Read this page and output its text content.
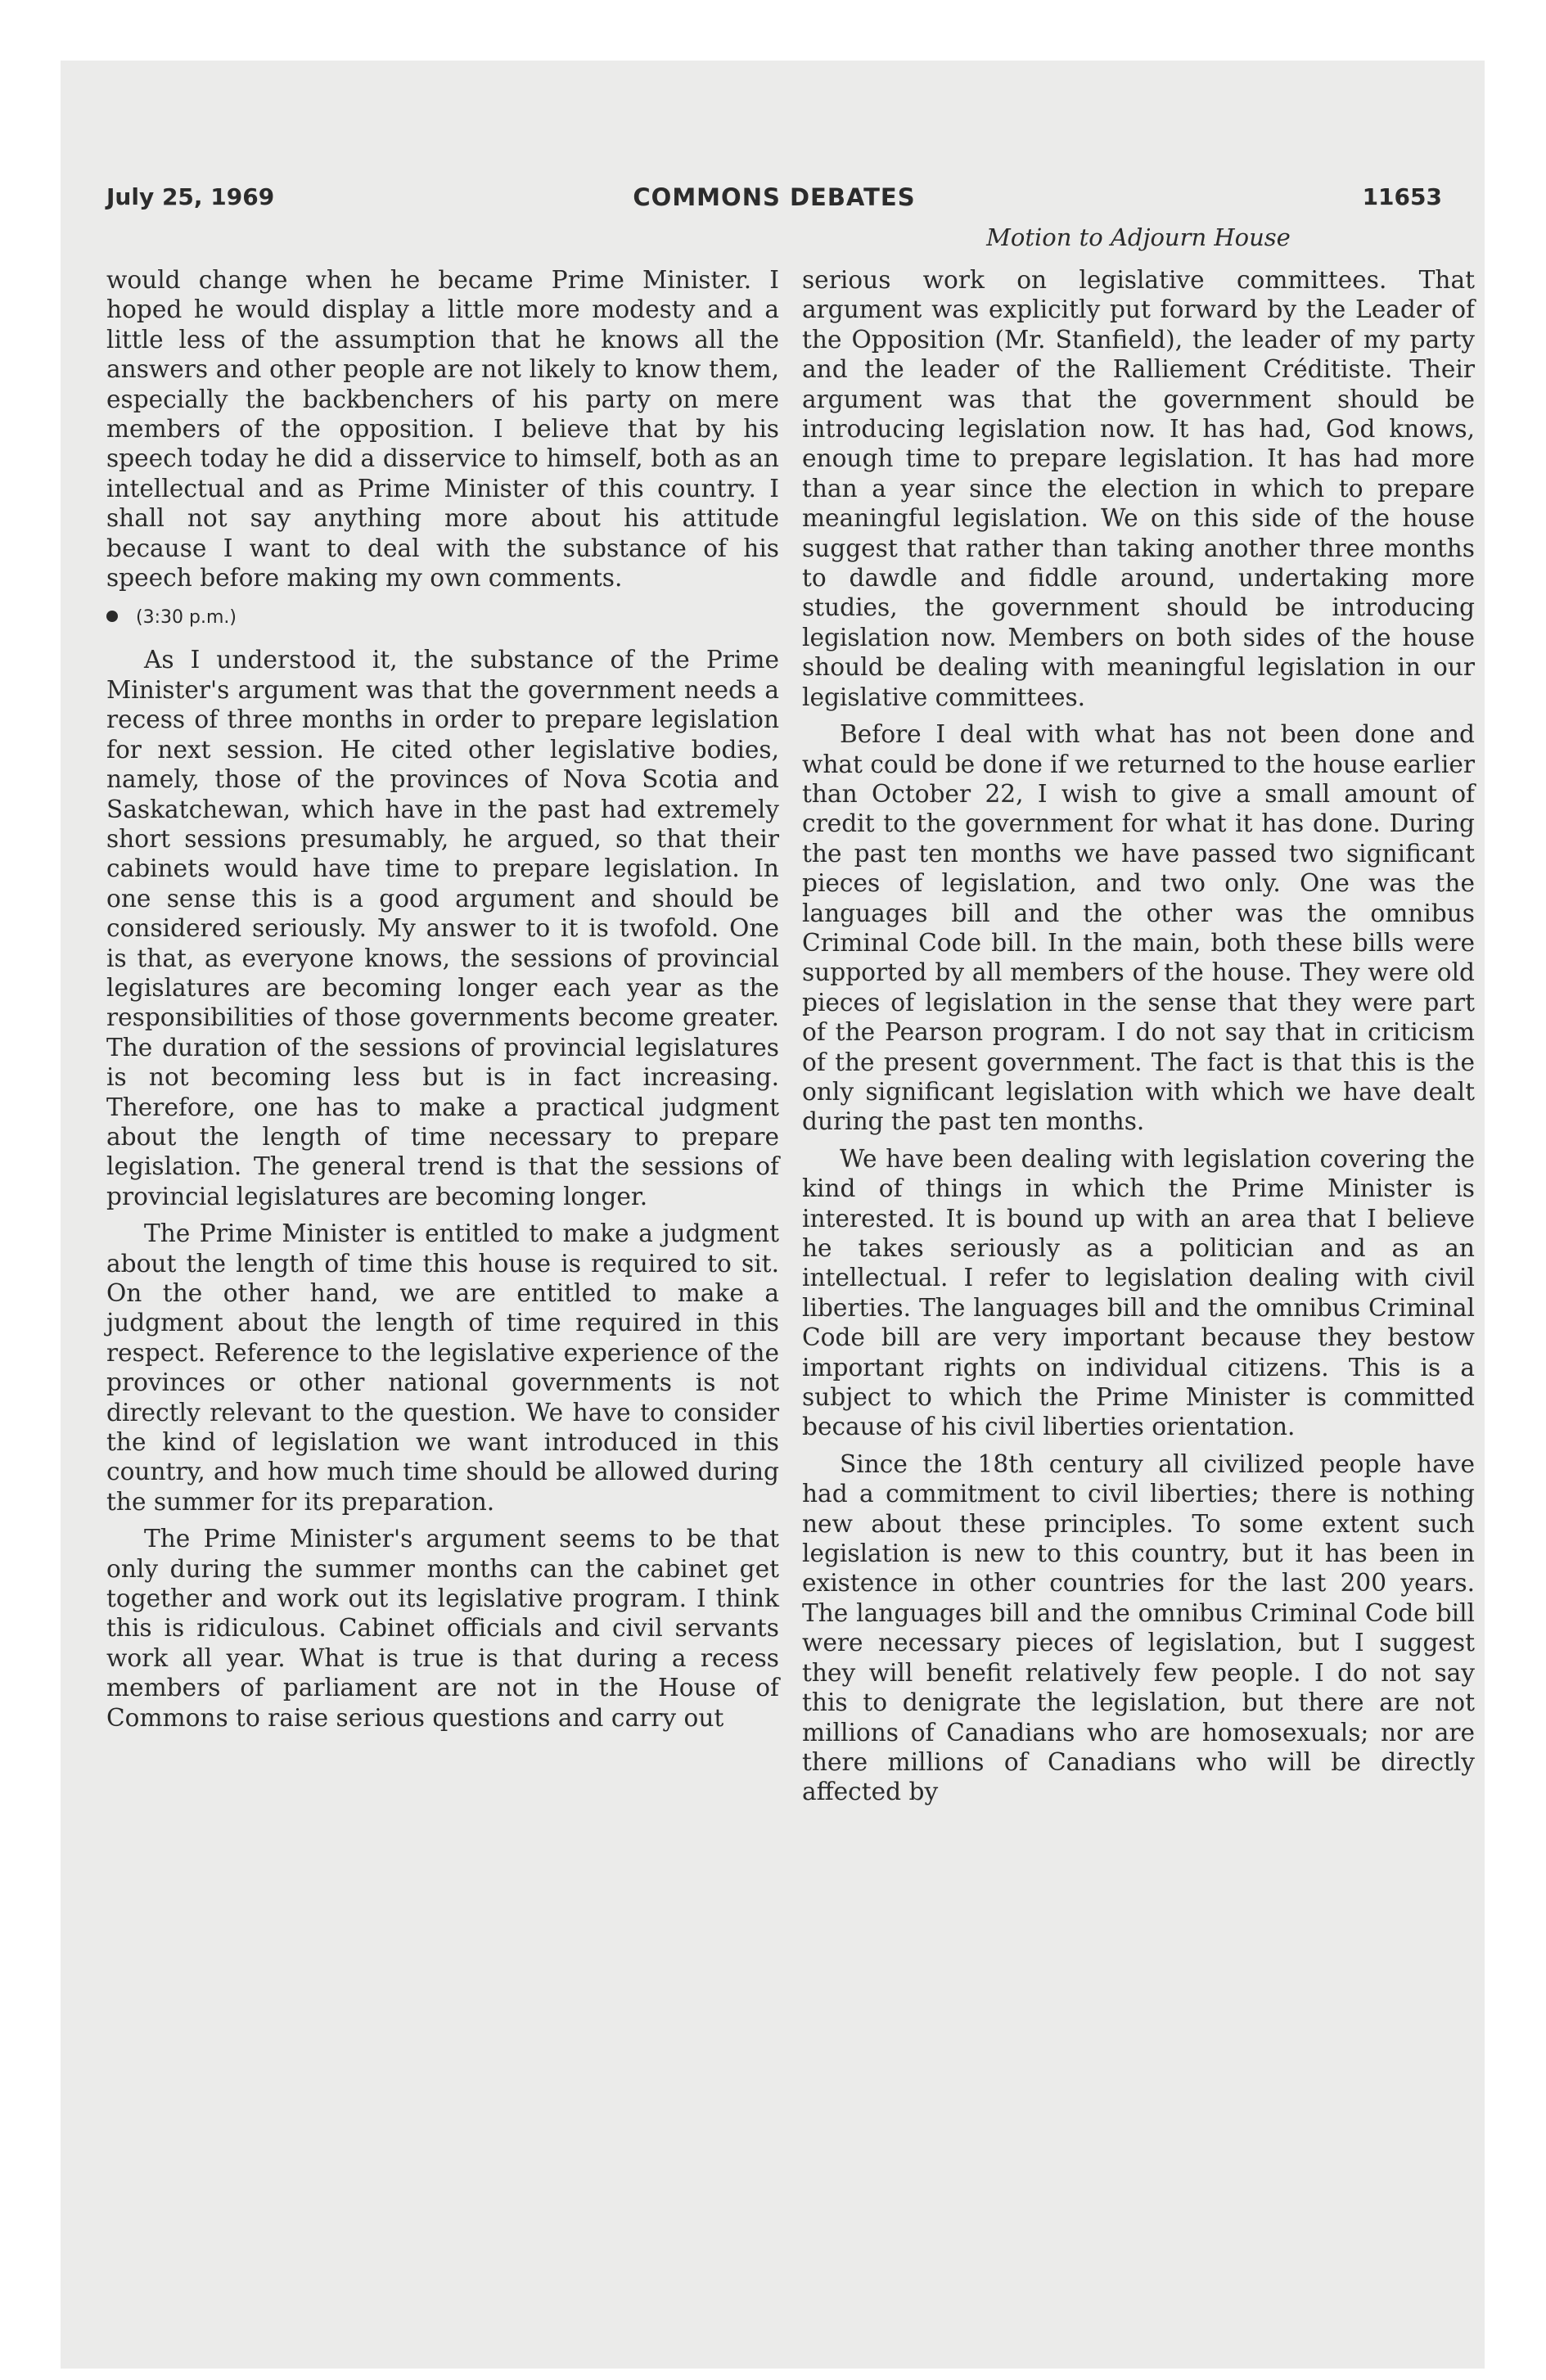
July 25, 1969	COMMONS DEBATES	11653
Motion to Adjourn House

would change when he became Prime Minister. I hoped he would display a little more modesty and a little less of the assumption that he knows all the answers and other people are not likely to know them, especially the backbenchers of his party on mere members of the opposition. I believe that by his speech today he did a disservice to himself, both as an intellectual and as Prime Minister of this country. I shall not say anything more about his attitude because I want to deal with the substance of his speech before making my own comments.

(3:30 p.m.)

As I understood it, the substance of the Prime Minister's argument was that the government needs a recess of three months in order to prepare legislation for next session. He cited other legislative bodies, namely, those of the provinces of Nova Scotia and Saskatchewan, which have in the past had extremely short sessions presumably, he argued, so that their cabinets would have time to prepare legislation. In one sense this is a good argument and should be considered seriously. My answer to it is twofold. One is that, as everyone knows, the sessions of provincial legislatures are becoming longer each year as the responsibilities of those governments become greater. The duration of the sessions of provincial legislatures is not becoming less but is in fact increasing. Therefore, one has to make a practical judgment about the length of time necessary to prepare legislation. The general trend is that the sessions of provincial legislatures are becoming longer.

The Prime Minister is entitled to make a judgment about the length of time this house is required to sit. On the other hand, we are entitled to make a judgment about the length of time required in this respect. Reference to the legislative experience of the provinces or other national governments is not directly relevant to the question. We have to consider the kind of legislation we want introduced in this country, and how much time should be allowed during the summer for its preparation.

The Prime Minister's argument seems to be that only during the summer months can the cabinet get together and work out its legislative program. I think this is ridiculous. Cabinet officials and civil servants work all year. What is true is that during a recess members of parliament are not in the House of Commons to raise serious questions and carry out

serious work on legislative committees. That argument was explicitly put forward by the Leader of the Opposition (Mr. Stanfield), the leader of my party and the leader of the Ralliement Créditiste. Their argument was that the government should be introducing legislation now. It has had, God knows, enough time to prepare legislation. It has had more than a year since the election in which to prepare meaningful legislation. We on this side of the house suggest that rather than taking another three months to dawdle and fiddle around, undertaking more studies, the government should be introducing legislation now. Members on both sides of the house should be dealing with meaningful legislation in our legislative committees.

Before I deal with what has not been done and what could be done if we returned to the house earlier than October 22, I wish to give a small amount of credit to the government for what it has done. During the past ten months we have passed two significant pieces of legislation, and two only. One was the languages bill and the other was the omnibus Criminal Code bill. In the main, both these bills were supported by all members of the house. They were old pieces of legislation in the sense that they were part of the Pearson program. I do not say that in criticism of the present government. The fact is that this is the only significant legislation with which we have dealt during the past ten months.

We have been dealing with legislation covering the kind of things in which the Prime Minister is interested. It is bound up with an area that I believe he takes seriously as a politician and as an intellectual. I refer to legislation dealing with civil liberties. The languages bill and the omnibus Criminal Code bill are very important because they bestow important rights on individual citizens. This is a subject to which the Prime Minister is committed because of his civil liberties orientation.

Since the 18th century all civilized people have had a commitment to civil liberties; there is nothing new about these principles. To some extent such legislation is new to this country, but it has been in existence in other countries for the last 200 years. The languages bill and the omnibus Criminal Code bill were necessary pieces of legislation, but I suggest they will benefit relatively few people. I do not say this to denigrate the legislation, but there are not millions of Canadians who are homosexuals; nor are there millions of Canadians who will be directly affected by
